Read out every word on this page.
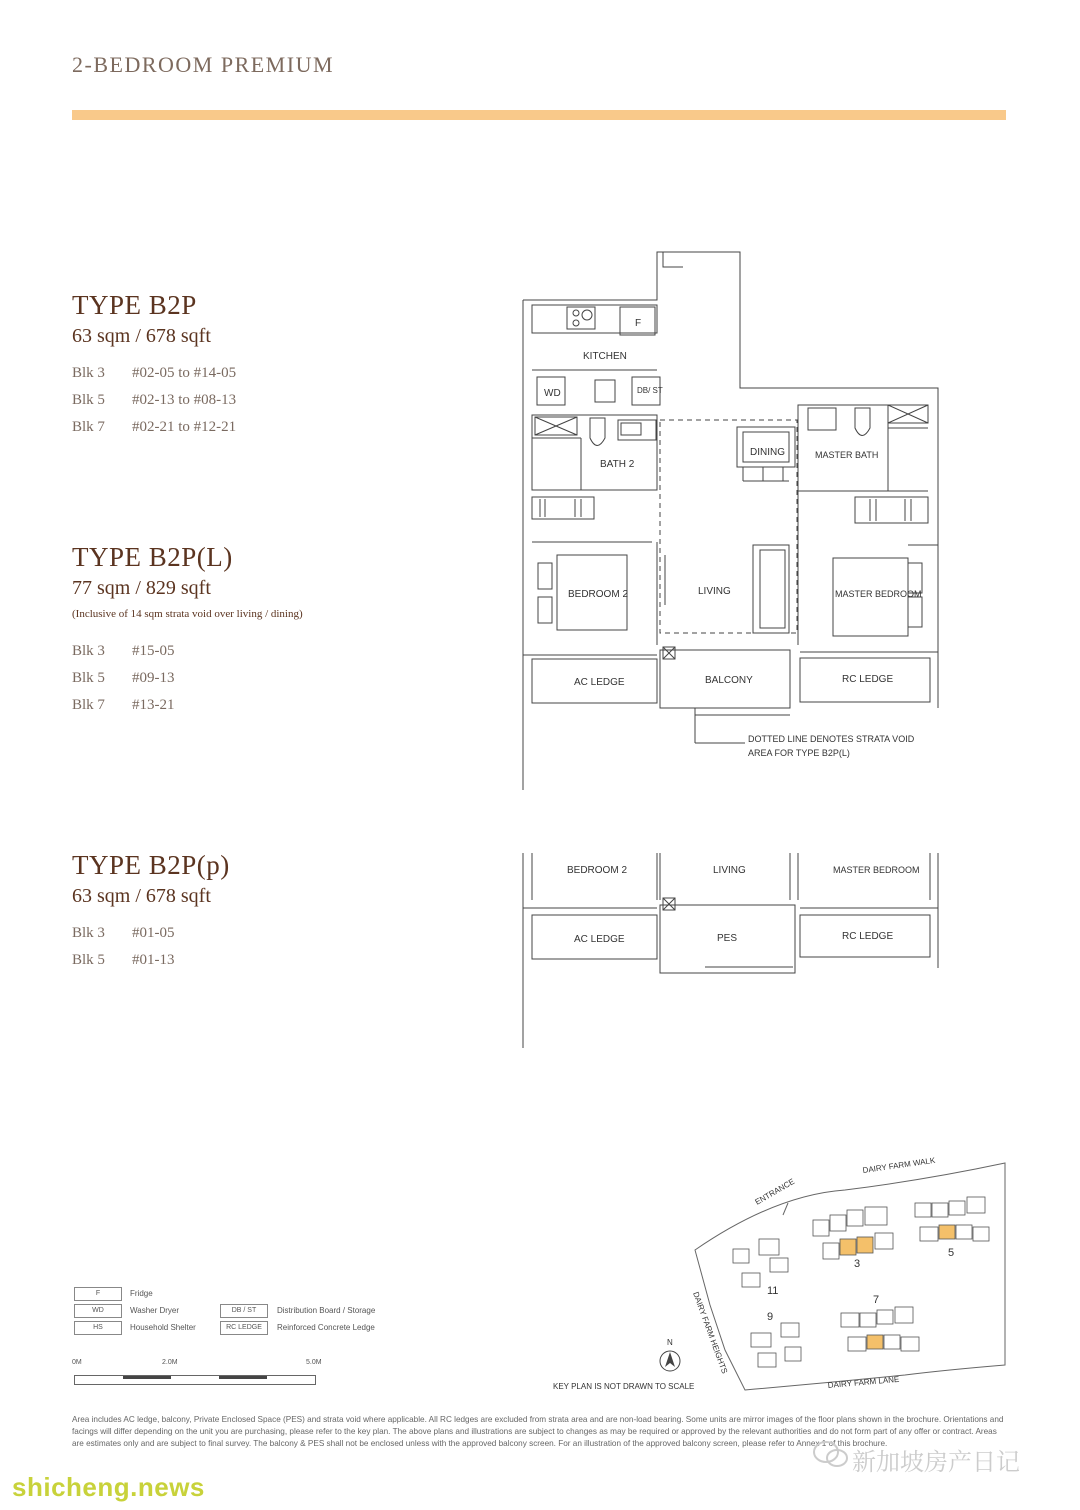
2-BEDROOM PREMIUM
TYPE B2P
63 sqm / 678 sqft
Blk 3	#02-05 to #14-05
Blk 5	#02-13 to #08-13
Blk 7	#02-21 to #12-21
TYPE B2P(L)
77 sqm / 829 sqft
(Inclusive of 14 sqm strata void over living / dining)
Blk 3	#15-05
Blk 5	#09-13
Blk 7	#13-21
TYPE B2P(p)
63 sqm / 678 sqft
Blk 3	#01-05
Blk 5	#01-13
F
KITCHEN
WD	DB/ ST
BATH 2
DINING	MASTER BATH
BEDROOM 2	LIVING	MASTER BEDROOM
AC LEDGE	BALCONY	RC LEDGE
DOTTED LINE DENOTES STRATA VOID
AREA FOR TYPE B2P(L)
BEDROOM 2	LIVING	MASTER BEDROOM
AC LEDGE	PES	RC LEDGE
N
DAIRY FARM WALK
ENTRANCE
DAIRY FARM HEIGHTS
DAIRY FARM LANE
KEY PLAN IS NOT DRAWN TO SCALE
3
5
7
9
11
F	Fridge
WD	Washer Dryer
HS	Household Shelter
DB / ST	Distribution Board / Storage
RC LEDGE	Reinforced Concrete Ledge
0M	2.0M	5.0M
Area includes AC ledge, balcony, Private Enclosed Space (PES) and strata void where applicable. All RC ledges are excluded from strata area and are non-load bearing. Some units are mirror images of the floor plans shown in the brochure. Orientations and facings will differ depending on the unit you are purchasing, please refer to the key plan. The above plans and illustrations are subject to changes as may be required or approved by the relevant authorities and do not form part of any offer or contract. Areas are estimates only and are subject to final survey. The balcony & PES shall not be enclosed unless with the approved balcony screen. For an illustration of the approved balcony screen, please refer to Annex 1 of this brochure.
shicheng.news
新加坡房产日记
